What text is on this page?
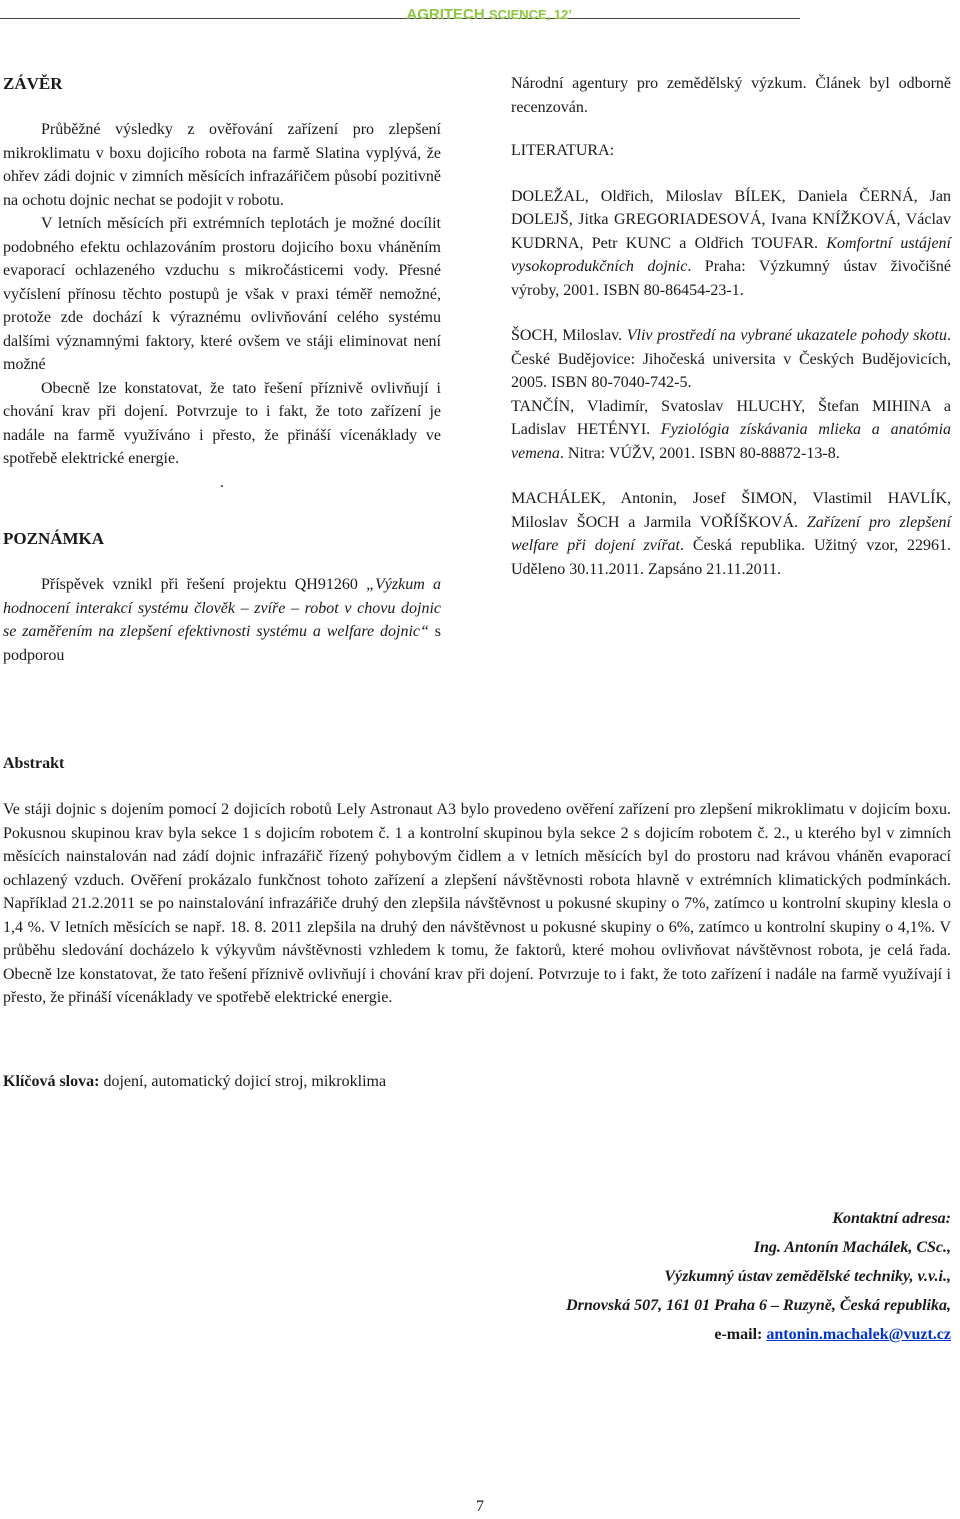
AGRITECH SCIENCE, 12’
ZÁVĚR

Průběžné výsledky z ověřování zařízení pro zlepšení mikroklimatu v boxu dojicího robota na farmě Slatina vyplývá, že ohřev zádi dojnic v zimních měsících infrazářičem působí pozitivně na ochotu dojnic nechat se podojit v robotu.

V letních měsících při extrémních teplotách je možné docílit podobného efektu ochlazováním prostoru dojicího boxu vháněním evaporací ochlazeného vzduchu s mikročásticemi vody. Přesné vyčíslení přínosu těchto postupů je však v praxi téměř nemožné, protože zde dochází k výraznému ovlivňování celého systému dalšími významnými faktory, které ovšem ve stáji eliminovat není možné

Obecně lze konstatovat, že tato řešení příznivě ovlivňují i chování krav při dojení. Potvrzuje to i fakt, že toto zařízení je nadále na farmě využíváno i přesto, že přináší vícenáklady ve spotřebě elektrické energie.

.

POZNÁMKA

Příspěvek vznikl při řešení projektu QH91260 „Výzkum a hodnocení interakcí systému člověk – zvíře – robot v chovu dojnic se zaměřením na zlepšení efektivnosti systému a welfare dojnic“ s podporou

Národní agentury pro zemědělský výzkum. Článek byl odborně recenzován.

LITERATURA:

DOLEŽAL, Oldřich, Miloslav BÍLEK, Daniela ČERNÁ, Jan DOLEJŠ, Jitka GREGORIADESOVÁ, Ivana KNÍŽKOVÁ, Václav KUDRNA, Petr KUNC a Oldřich TOUFAR. Komfortní ustájení vysokoprodukčních dojnic. Praha: Výzkumný ústav živočišné výroby, 2001. ISBN 80-86454-23-1.

ŠOCH, Miloslav. Vliv prostředí na vybrané ukazatele pohody skotu. České Budějovice: Jihočeská universita v Českých Budějovicích, 2005. ISBN 80-7040-742-5.

TANČÍN, Vladimír, Svatoslav HLUCHY, Štefan MIHINA a Ladislav HETÉNYI. Fyziológia získávania mlieka a anatómia vemena. Nitra: VÚŽV, 2001. ISBN 80-88872-13-8.

MACHÁLEK, Antonin, Josef ŠIMON, Vlastimil HAVLÍK, Miloslav ŠOCH a Jarmila VOŘÍŠKOVÁ. Zařízení pro zlepšení welfare při dojení zvířat. Česká republika. Užitný vzor, 22961. Uděleno 30.11.2011. Zapsáno 21.11.2011.

Abstrakt
Ve stáji dojnic s dojením pomocí 2 dojicích robotů Lely Astronaut A3 bylo provedeno ověření zařízení pro zlepšení mikroklimatu v dojicím boxu. Pokusnou skupinou krav byla sekce 1 s dojicím robotem č. 1 a kontrolní skupinou byla sekce 2 s dojicím robotem č. 2., u kterého byl v zimních měsících nainstalován nad zádí dojnic infrazářič řízený pohybovým čidlem a v letních měsících byl do prostoru nad krávou vháněn evaporací ochlazený vzduch. Ověření prokázalo funkčnost tohoto zařízení a zlepšení návštěvnosti robota hlavně v extrémních klimatických podmínkách. Například 21.2.2011 se po nainstalování infrazářiče druhý den zlepšila návštěvnost u pokusné skupiny o 7%, zatímco u kontrolní skupiny klesla o 1,4 %. V letních měsících se např. 18. 8. 2011 zlepšila na druhý den návštěvnost u pokusné skupiny o 6%, zatímco u kontrolní skupiny o 4,1%. V průběhu sledování docházelo k výkyvům návštěvnosti vzhledem k tomu, že faktorů, které mohou ovlivňovat návštěvnost robota, je celá řada. Obecně lze konstatovat, že tato řešení příznivě ovlivňují i chování krav při dojení. Potvrzuje to i fakt, že toto zařízení i nadále na farmě využívají i přesto, že přináší vícenáklady ve spotřebě elektrické energie.
Klíčová slova: dojení, automatický dojicí stroj, mikroklima
Kontaktní adresa:
Ing. Antonín Machálek, CSc.,
Výzkumný ústav zemědělské techniky, v.v.i.,
Drnovská 507, 161 01 Praha 6 – Ruzyně, Česká republika,
e-mail: antonin.machalek@vuzt.cz
7
